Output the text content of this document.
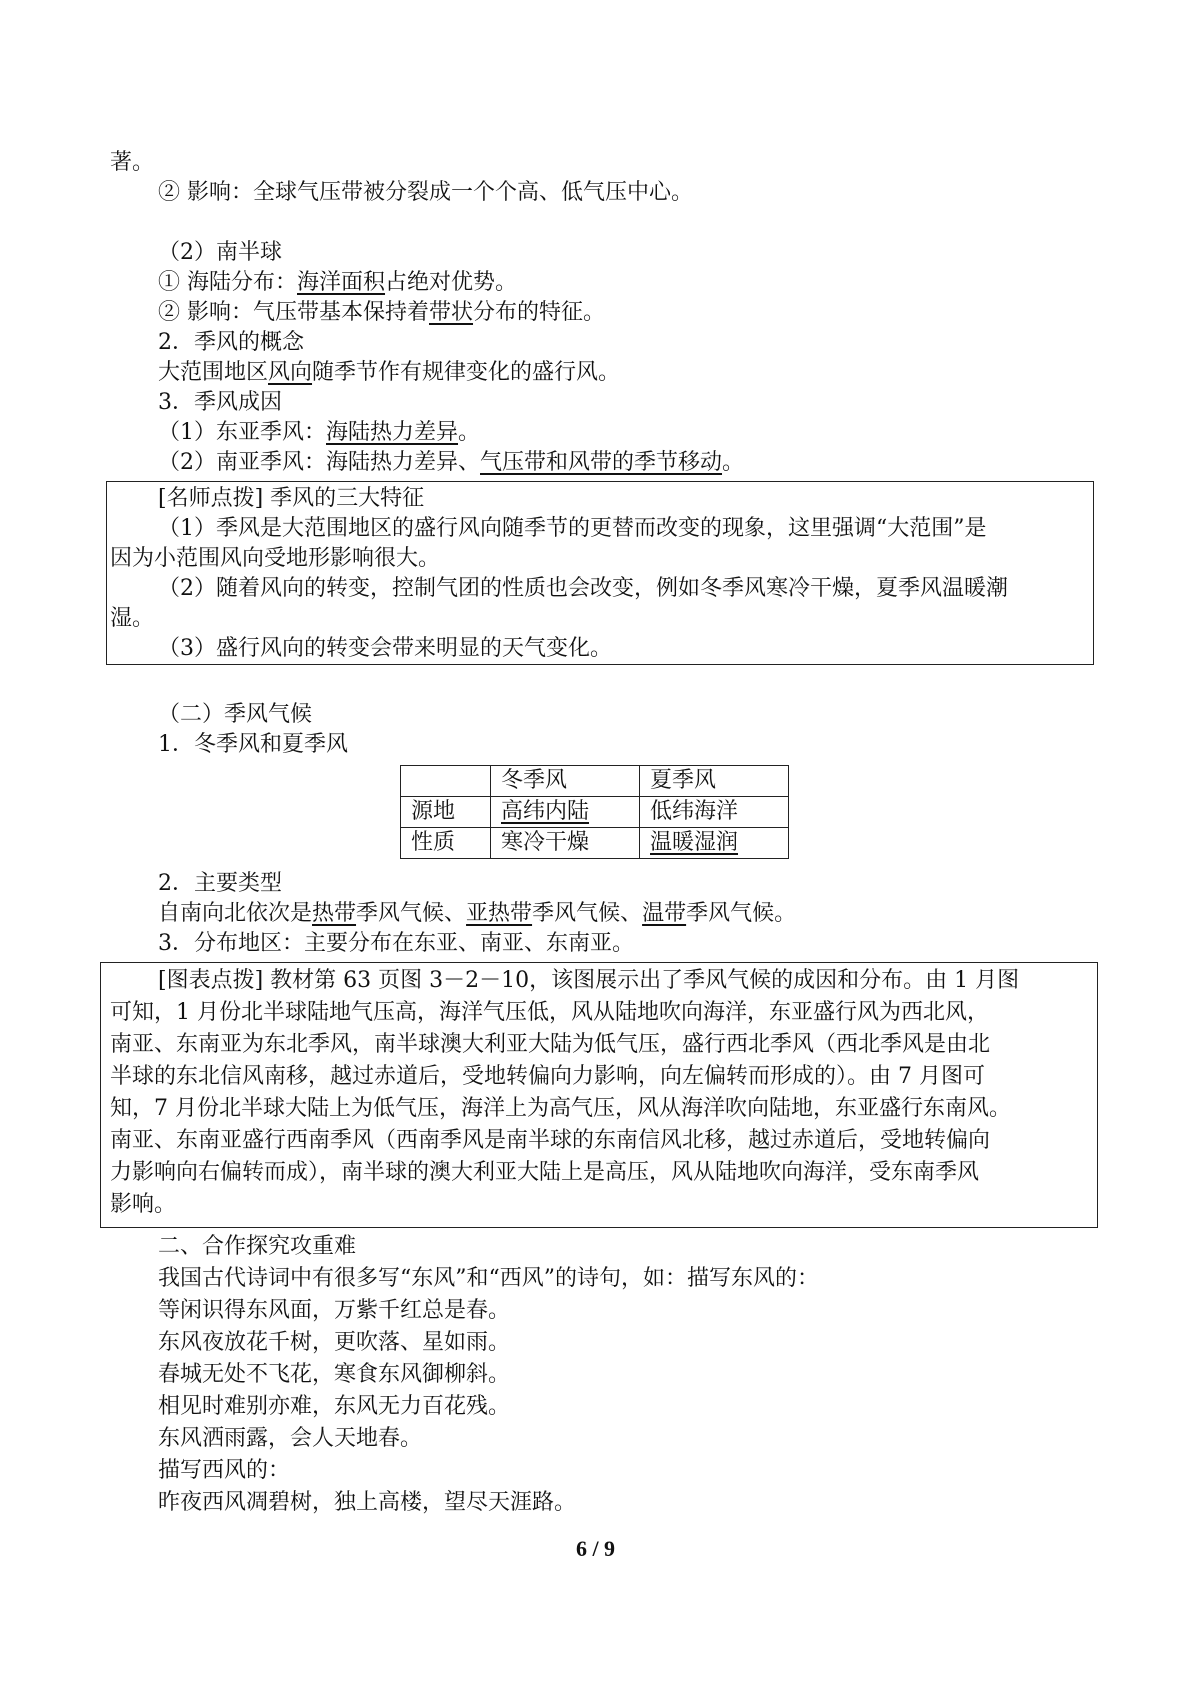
著。
② 影响：全球气压带被分裂成一个个高、低气压中心。
（2）南半球
① 海陆分布：海洋面积占绝对优势。
② 影响：气压带基本保持着带状分布的特征。
2．季风的概念
大范围地区风向随季节作有规律变化的盛行风。
3．季风成因
（1）东亚季风：海陆热力差异。
（2）南亚季风：海陆热力差异、气压带和风带的季节移动。
[名师点拨] 季风的三大特征
（1）季风是大范围地区的盛行风向随季节的更替而改变的现象，这里强调“大范围”是
因为小范围风向受地形影响很大。
（2）随着风向的转变，控制气团的性质也会改变，例如冬季风寒冷干燥，夏季风温暖潮
湿。
（3）盛行风向的转变会带来明显的天气变化。
（二）季风气候
1．冬季风和夏季风
	冬季风	夏季风
源地	高纬内陆	低纬海洋
性质	寒冷干燥	温暖湿润
2．主要类型
自南向北依次是热带季风气候、亚热带季风气候、温带季风气候。
3．分布地区：主要分布在东亚、南亚、东南亚。
[图表点拨] 教材第 63 页图 3－2－10，该图展示出了季风气候的成因和分布。由 1 月图
可知，1 月份北半球陆地气压高，海洋气压低，风从陆地吹向海洋，东亚盛行风为西北风，
南亚、东南亚为东北季风，南半球澳大利亚大陆为低气压，盛行西北季风（西北季风是由北
半球的东北信风南移，越过赤道后，受地转偏向力影响，向左偏转而形成的）。由 7 月图可
知，7 月份北半球大陆上为低气压，海洋上为高气压，风从海洋吹向陆地，东亚盛行东南风。
南亚、东南亚盛行西南季风（西南季风是南半球的东南信风北移，越过赤道后，受地转偏向
力影响向右偏转而成），南半球的澳大利亚大陆上是高压，风从陆地吹向海洋，受东南季风
影响。
二、合作探究攻重难
我国古代诗词中有很多写“东风”和“西风”的诗句，如：描写东风的：
等闲识得东风面，万紫千红总是春。
东风夜放花千树，更吹落、星如雨。
春城无处不飞花，寒食东风御柳斜。
相见时难别亦难，东风无力百花残。
东风洒雨露，会人天地春。
描写西风的：
昨夜西风凋碧树，独上高楼，望尽天涯路。
6 / 9
